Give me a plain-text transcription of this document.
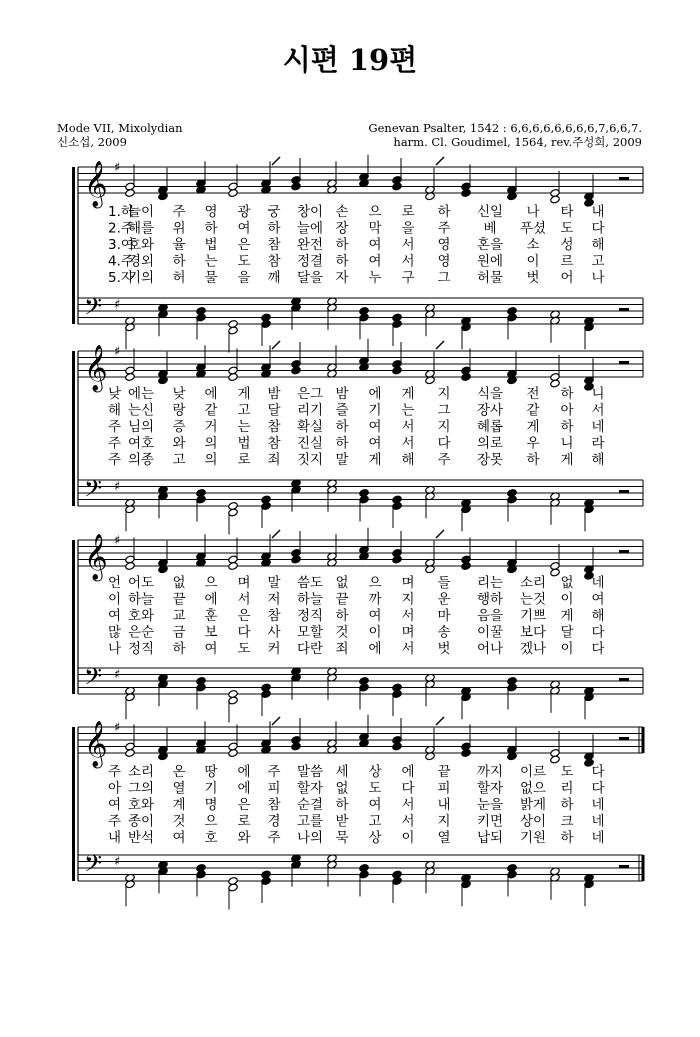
시편 19편
Mode VII, Mixolydian
신소섭, 2009
Genevan Psalter, 1542 : 6,6,6,6,6,6,6,6,7,6,6,7.
harm. Cl. Goudimel, 1564, rev.주성희, 2009
𝄞
𝄢
♯
♯
1.하
늘이 주 영 광 궁 창이 손 으 로 하 신일 나 타 내
2.주
해를 위 하 여 하 늘에 장 막 을 주 베 푸셨 도 다
3.여
호와 율 법 은 참 완전 하 여 서 영 혼을 소 성 해
4.주
경외 하 는 도 참 정결 하 여 서 영 원에 이 르 고
5.자
기의 허 물 을 깨 달을 자 누 구 그 허물 벗 어 나
𝄞
𝄢
♯
♯
낮 에는 낮 에 게 밤 은그 밤 에 게 지 식을 전 하 니
해 는신 랑 같 고 달 리기 즐 기 는 그 장사 같 아 서
주 님의 증 거 는 참 확실 하 여 서 지 혜롭 게 하 네
주 여호 와 의 법 참 진실 하 여 서 다 의로 우 니 라
주 의종 고 의 로 죄 짓지 말 게 해 주 장못 하 게 해
𝄞
𝄢
♯
♯
언 어도 없 으 며 말 씀도 없 으 며 들 리는 소리 없 네
이 하늘 끝 에 서 저 하늘 끝 까 지 운 행하 는것 이 여
여 호와 교 훈 은 참 정직 하 여 서 마 음을 기쁘 게 해
많 은순 금 보 다 사 모할 것 이 며 송 이꿀 보다 달 다
나 정직 하 여 도 커 다란 죄 에 서 벗 어나 겠나 이 다
𝄞
𝄢
♯
♯
주 소리 온 땅 에 주 말씀 세 상 에 끝 까지 이르 도 다
아 그의 열 기 에 피 할자 없 도 다 피 할자 없으 리 다
여 호와 계 명 은 참 순결 하 여 서 내 눈을 밝게 하 네
주 종이 것 으 로 경 고를 받 고 서 지 키면 상이 크 네
내 반석 여 호 와 주 나의 묵 상 이 열 납되 기원 하 네
